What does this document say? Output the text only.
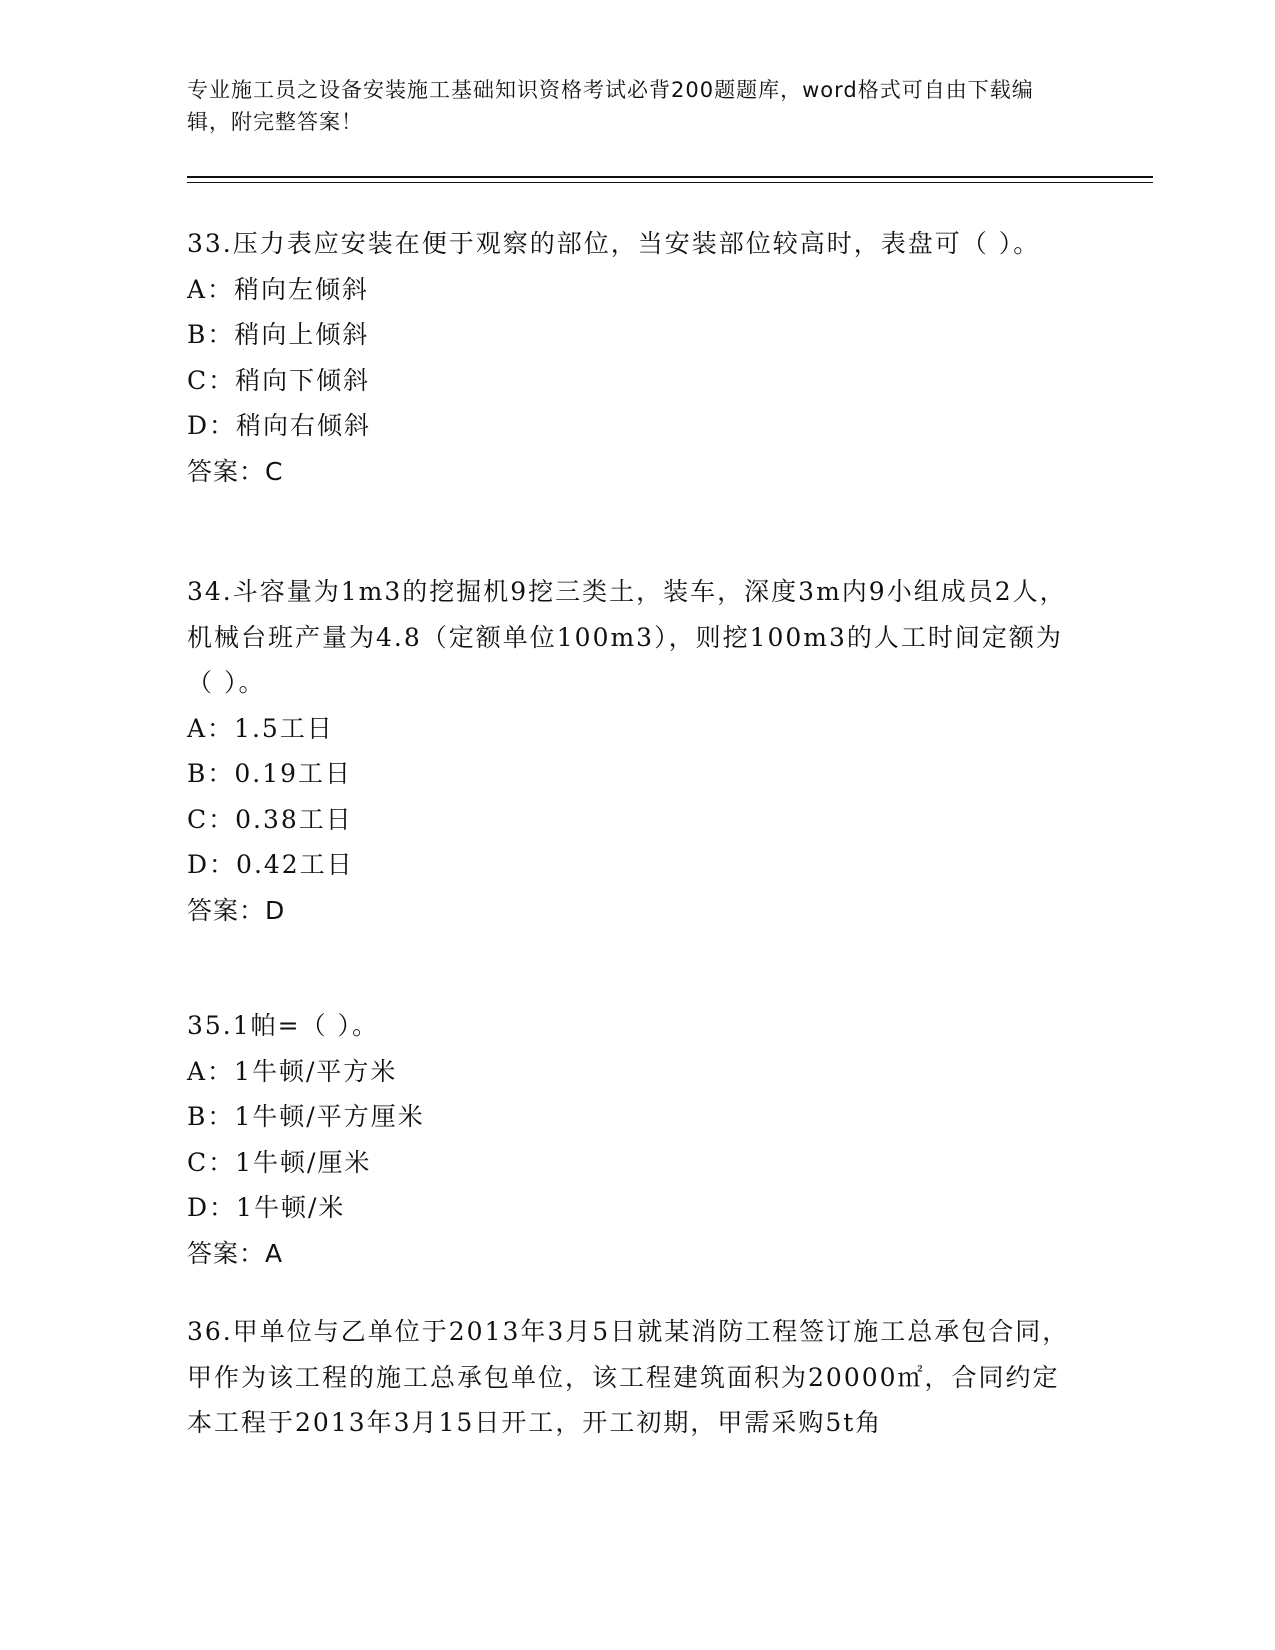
专业施工员之设备安装施工基础知识资格考试必背200题题库，word格式可自由下载编辑，附完整答案！

33.压力表应安装在便于观察的部位，当安装部位较高时，表盘可（ ）。

A：稍向左倾斜

B：稍向上倾斜

C：稍向下倾斜

D：稍向右倾斜

答案：C

34.斗容量为1m3的挖掘机9挖三类土，装车，深度3m内9小组成员2人，机械台班产量为4.8（定额单位100m3），则挖100m3的人工时间定额为（ ）。

A：1.5工日

B：0.19工日

C：0.38工日

D：0.42工日

答案：D

35.1帕=（ ）。

A：1牛顿/平方米

B：1牛顿/平方厘米

C：1牛顿/厘米

D：1牛顿/米

答案：A

36.甲单位与乙单位于2013年3月5日就某消防工程签订施工总承包合同，甲作为该工程的施工总承包单位，该工程建筑面积为20000㎡，合同约定本工程于2013年3月15日开工，开工初期，甲需采购5t角
